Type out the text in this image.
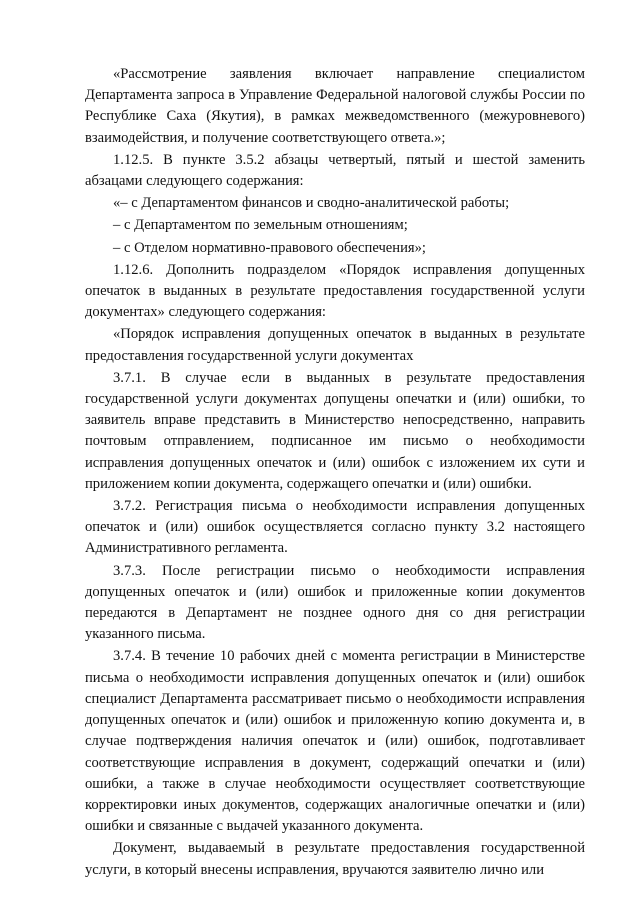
«Рассмотрение заявления включает направление специалистом Департамента запроса в Управление Федеральной налоговой службы России по Республике Саха (Якутия), в рамках межведомственного (межуровневого) взаимодействия, и получение соответствующего ответа.»;

1.12.5. В пункте 3.5.2 абзацы четвертый, пятый и шестой заменить абзацами следующего содержания:

«– с Департаментом финансов и сводно-аналитической работы;

– с Департаментом по земельным отношениям;

– с Отделом нормативно-правового обеспечения»;

1.12.6. Дополнить подразделом «Порядок исправления допущенных опечаток в выданных в результате предоставления государственной услуги документах» следующего содержания:

«Порядок исправления допущенных опечаток в выданных в результате предоставления государственной услуги документах

3.7.1. В случае если в выданных в результате предоставления государственной услуги документах допущены опечатки и (или) ошибки, то заявитель вправе представить в Министерство непосредственно, направить почтовым отправлением, подписанное им письмо о необходимости исправления допущенных опечаток и (или) ошибок с изложением их сути и приложением копии документа, содержащего опечатки и (или) ошибки.

3.7.2. Регистрация письма о необходимости исправления допущенных опечаток и (или) ошибок осуществляется согласно пункту 3.2 настоящего Административного регламента.

3.7.3. После регистрации письмо о необходимости исправления допущенных опечаток и (или) ошибок и приложенные копии документов передаются в Департамент не позднее одного дня со дня регистрации указанного письма.

3.7.4. В течение 10 рабочих дней с момента регистрации в Министерстве письма о необходимости исправления допущенных опечаток и (или) ошибок специалист Департамента рассматривает письмо о необходимости исправления допущенных опечаток и (или) ошибок и приложенную копию документа и, в случае подтверждения наличия опечаток и (или) ошибок, подготавливает соответствующие исправления в документ, содержащий опечатки и (или) ошибки, а также в случае необходимости осуществляет соответствующие корректировки иных документов, содержащих аналогичные опечатки и (или) ошибки и связанные с выдачей указанного документа.

Документ, выдаваемый в результате предоставления государственной услуги, в который внесены исправления, вручаются заявителю лично или
